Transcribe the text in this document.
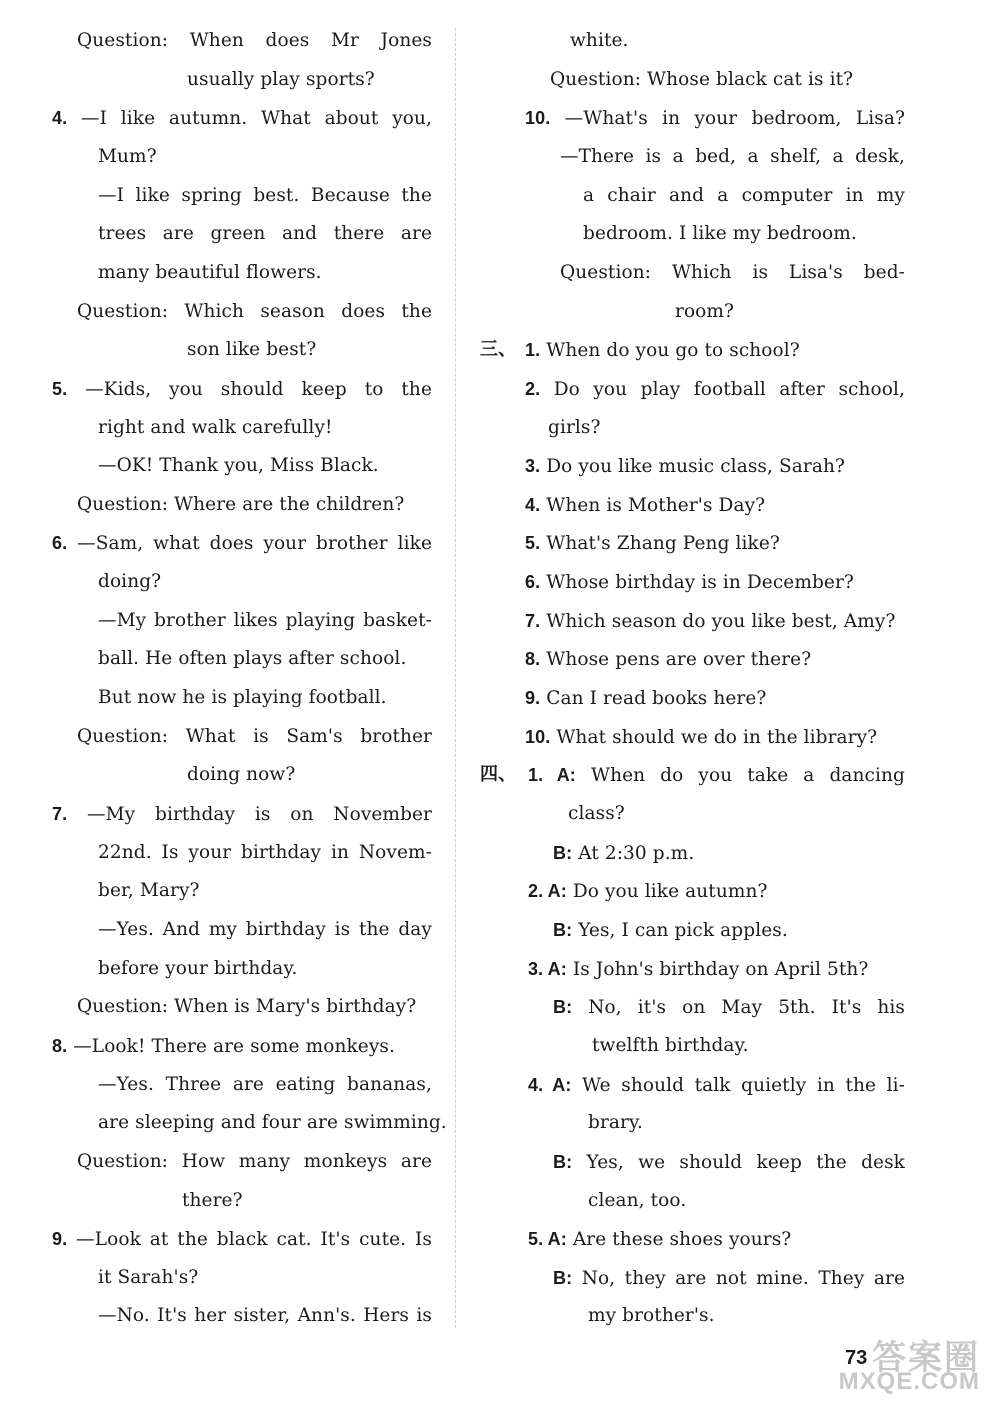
Question: When does Mr Jones
usually play sports?
4. —I like autumn. What about you,
Mum?
—I like spring best. Because the
trees are green and there are
many beautiful flowers.
Question: Which season does the
son like best?
5. —Kids, you should keep to the
right and walk carefully!
—OK! Thank you, Miss Black.
Question: Where are the children?
6. —Sam, what does your brother like
doing?
—My brother likes playing basket-
ball. He often plays after school.
But now he is playing football.
Question: What is Sam's brother
doing now?
7. —My birthday is on November
22nd. Is your birthday in Novem-
ber, Mary?
—Yes. And my birthday is the day
before your birthday.
Question: When is Mary's birthday?
8. —Look! There are some monkeys.
—Yes. Three are eating bananas,
are sleeping and four are swimming.
Question: How many monkeys are
there?
9. —Look at the black cat. It's cute. Is
it Sarah's?
—No. It's her sister, Ann's. Hers is
white.
Question: Whose black cat is it?
10. —What's in your bedroom, Lisa?
—There is a bed, a shelf, a desk,
a chair and a computer in my
bedroom. I like my bedroom.
Question: Which is Lisa's bed-
room?
三、 1. When do you go to school?
2. Do you play football after school,
girls?
3. Do you like music class, Sarah?
4. When is Mother's Day?
5. What's Zhang Peng like?
6. Whose birthday is in December?
7. Which season do you like best, Amy?
8. Whose pens are over there?
9. Can I read books here?
10. What should we do in the library?
四、 1. A: When do you take a dancing
class?
B: At 2:30 p.m.
2. A: Do you like autumn?
B: Yes, I can pick apples.
3. A: Is John's birthday on April 5th?
B: No, it's on May 5th. It's his
twelfth birthday.
4. A: We should talk quietly in the li-
brary.
B: Yes, we should keep the desk
clean, too.
5. A: Are these shoes yours?
B: No, they are not mine. They are
my brother's.
73 答案圈
MXQE.COM
